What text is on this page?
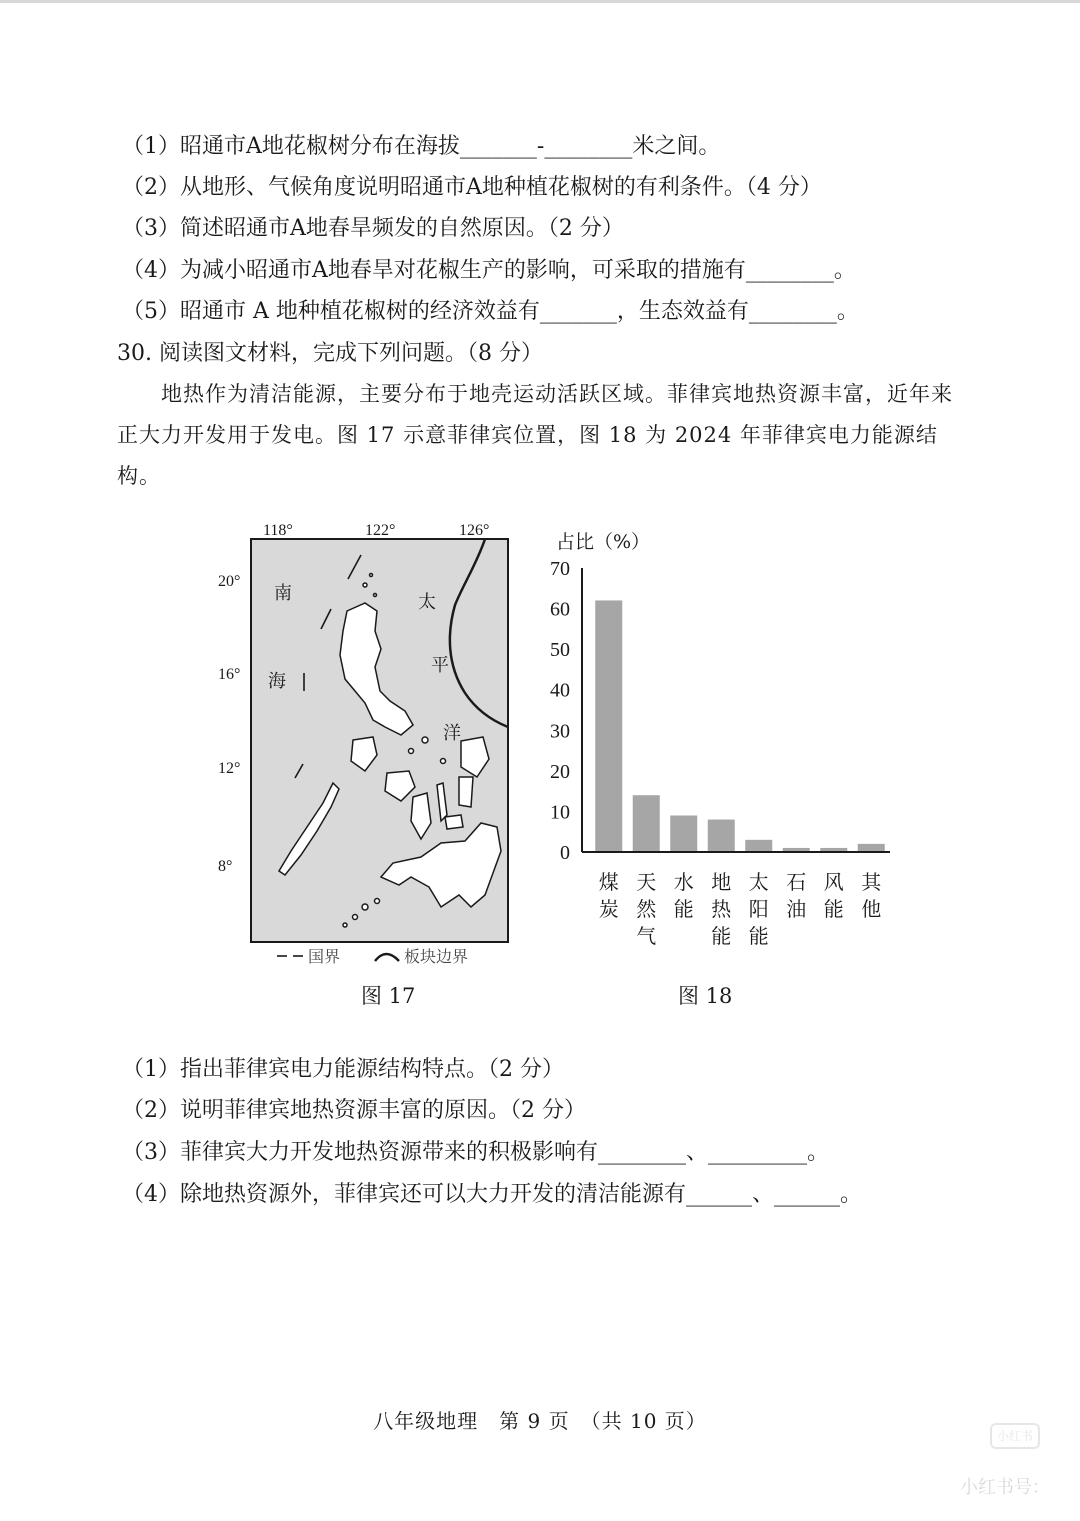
（1）昭通市A地花椒树分布在海拔_______-________米之间。
（2）从地形、气候角度说明昭通市A地种植花椒树的有利条件。（4 分）
（3）简述昭通市A地春旱频发的自然原因。（2 分）
（4）为减小昭通市A地春旱对花椒生产的影响，可采取的措施有________。
（5）昭通市 A 地种植花椒树的经济效益有_______，生态效益有________。
30. 阅读图文材料，完成下列问题。（8 分）
地热作为清洁能源，主要分布于地壳运动活跃区域。菲律宾地热资源丰富，近年来正大力开发用于发电。图 17 示意菲律宾位置，图 18 为 2024 年菲律宾电力能源结构。
118°	122°	126°
20°
16°
12°
8°
南
海
太
平
洋
国界	板块边界
图 17
占比（%）
0
10
20
30
40
50
60
70
煤炭
天然气
水能
地热能
太阳能
石油
风能
其他
图 18
（1）指出菲律宾电力能源结构特点。（2 分）
（2）说明菲律宾地热资源丰富的原因。（2 分）
（3）菲律宾大力开发地热资源带来的积极影响有________、_________。
（4）除地热资源外，菲律宾还可以大力开发的清洁能源有______、______。
八年级地理　第 9 页　（共 10 页）
小红书
小红书号：
